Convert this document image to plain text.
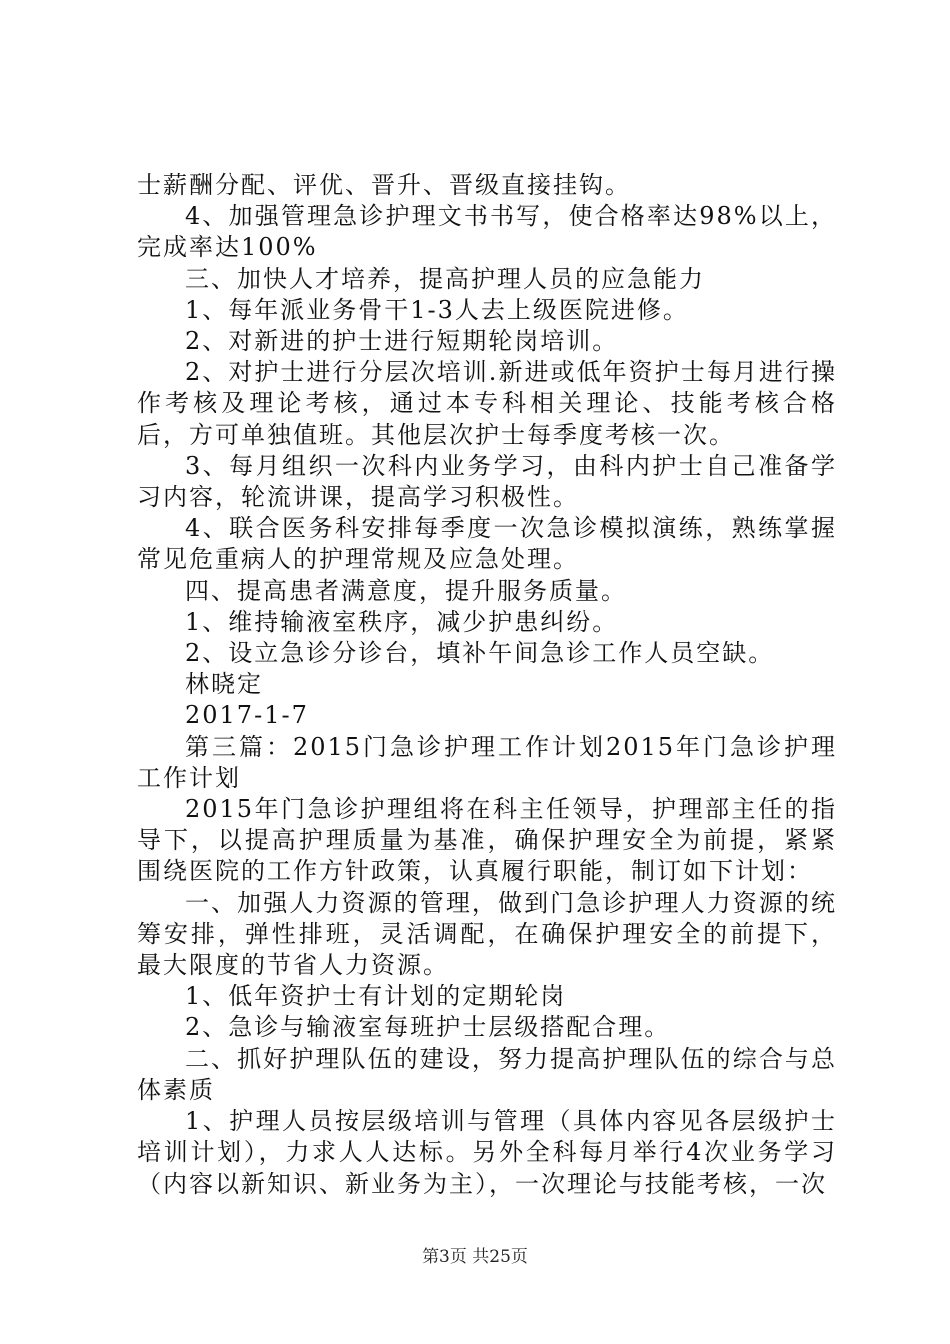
士薪酬分配、评优、晋升、晋级直接挂钩。

4、加强管理急诊护理文书书写，使合格率达98%以上，完成率达100%

三、加快人才培养，提高护理人员的应急能力

1、每年派业务骨干1-3人去上级医院进修。

2、对新进的护士进行短期轮岗培训。

2、对护士进行分层次培训.新进或低年资护士每月进行操作考核及理论考核，通过本专科相关理论、技能考核合格后，方可单独值班。其他层次护士每季度考核一次。

3、每月组织一次科内业务学习，由科内护士自己准备学习内容，轮流讲课，提高学习积极性。

4、联合医务科安排每季度一次急诊模拟演练，熟练掌握常见危重病人的护理常规及应急处理。

四、提高患者满意度，提升服务质量。

1、维持输液室秩序，减少护患纠纷。

2、设立急诊分诊台，填补午间急诊工作人员空缺。

林晓定

2017-1-7

第三篇：2015门急诊护理工作计划2015年门急诊护理工作计划

2015年门急诊护理组将在科主任领导，护理部主任的指导下，以提高护理质量为基准，确保护理安全为前提，紧紧围绕医院的工作方针政策，认真履行职能，制订如下计划：

一、加强人力资源的管理，做到门急诊护理人力资源的统筹安排，弹性排班，灵活调配，在确保护理安全的前提下，最大限度的节省人力资源。

1、低年资护士有计划的定期轮岗

2、急诊与输液室每班护士层级搭配合理。

二、抓好护理队伍的建设，努力提高护理队伍的综合与总体素质

1、护理人员按层级培训与管理（具体内容见各层级护士培训计划），力求人人达标。另外全科每月举行4次业务学习（内容以新知识、新业务为主），一次理论与技能考核，一次

第3页 共25页
